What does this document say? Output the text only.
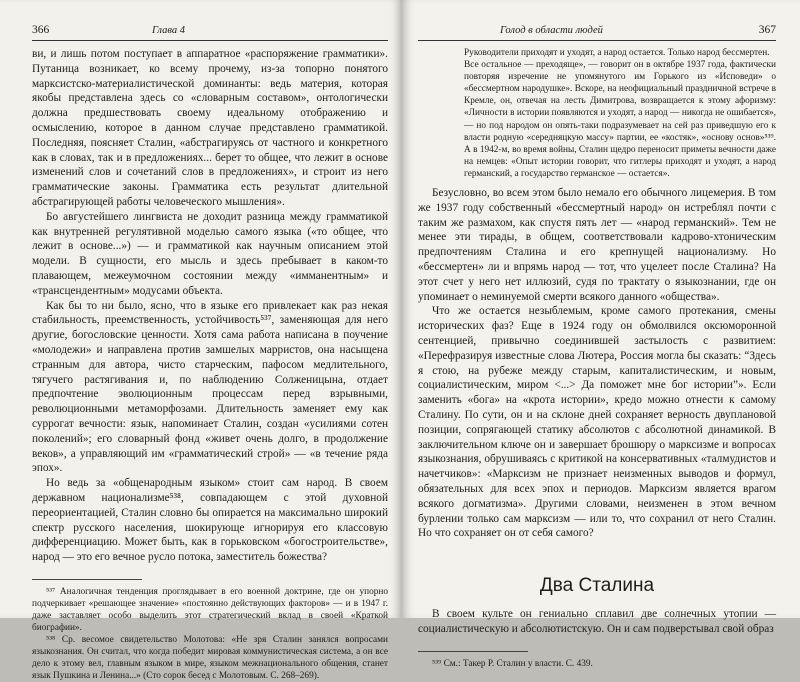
366	Глава 4

ви, и лишь потом поступает в аппаратное «распоряжение грамматики». Путаница возникает, ко всему прочему, из-за топорно понятого марксистско-материалистической доминанты: ведь материя, которая якобы представлена здесь со «словарным составом», онтологически должна предшествовать своему идеальному отображению и осмыслению, которое в данном случае представлено грамматикой. Последняя, поясняет Сталин, «абстрагируясь от частного и конкретного как в словах, так и в предложениях... берет то общее, что лежит в основе изменений слов и сочетаний слов в предложениях», и строит из него грамматические законы. Грамматика есть результат длительной абстрагирующей работы человеческого мышления».

Бо августейшего лингвиста не доходит разница между грамматикой как внутренней регулятивной моделью самого языка («то общее, что лежит в основе...») — и грамматикой как научным описанием этой модели. В сущности, его мысль и здесь пребывает в каком-то плавающем, межеумочном состоянии между «имманентным» и «трансцендентным» модусами объекта.

Как бы то ни было, ясно, что в языке его привлекает как раз некая стабильность, преемственность, устойчивость⁵³⁷, заменяющая для него другие, богословские ценности. Хотя сама работа написана в поучение «молодежи» и направлена против замшелых марристов, она насыщена странным для автора, чисто старческим, пафосом медлительного, тягучего растягивания и, по наблюдению Солженицына, отдает предпочтение эволюционным процессам перед взрывными, революционными метаморфозами. Длительность заменяет ему как суррогат вечности: язык, напоминает Сталин, создан «усилиями сотен поколений»; его словарный фонд «живет очень долго, в продолжение веков», а управляющий им «грамматический строй» — «в течение ряда эпох».

Но ведь за «общенародным языком» стоит сам народ. В своем державном национализме⁵³⁸, совпадающем с этой духовной переориентацией, Сталин словно бы опирается на максимально широкий спектр русского населения, шокирующе игнорируя его классовую дифференциацию. Может быть, как в горьковском «богостроительстве», народ — это его вечное русло потока, заместитель божества?

⁵³⁷ Аналогичная тенденция проглядывает в его военной доктрине, где он упорно подчеркивает «решающее значение» «постоянно действующих факторов» — и в 1947 г. даже заставляет особо выделить этот стратегический вклад в своей «Краткой биографии».

⁵³⁸ Ср. весомое свидетельство Молотова: «Не зря Сталин занялся вопросами языкознания. Он считал, что когда победит мировая коммунистическая система, а он все дело к этому вел, главным языком в мире, языком межнационального общения, станет язык Пушкина и Ленина...» (Сто сорок бесед с Молотовым. С. 268–269).

Голод в области людей	367

Руководители приходят и уходят, а народ остается. Только народ бессмертен.

Все остальное — преходяще», — говорит он в октябре 1937 года, фактически повторяя изречение не упомянутого им Горького из «Исповеди» о «бессмертном народушке». Вскоре, на неофициальный праздничной встрече в Кремле, он, отвечая на лесть Димитрова, возвращается к этому афоризму: «Личности в истории появляются и уходят, а народ — никогда не ошибается», — но под народом он опять-таки подразумевает на сей раз приведшую его к власти родную «середняцкую массу» партии, ее «костяк», «основу основ»⁵³⁹. А в 1942-м, во время войны, Сталин щедро переносит приметы вечности даже на немцев: «Опыт истории говорит, что гитлеры приходят и уходят, а народ германский, а государство германское — остается».

Безусловно, во всем этом было немало его обычного лицемерия. В том же 1937 году собственный «бессмертный народ» он истреблял почти с таким же размахом, как спустя пять лет — «народ германский». Тем не менее эти тирады, в общем, соответствовали кадрово-хтоническим предпочтениям Сталина и его крепнущей национализму. Но «бессмертен» ли и впрямь народ — тот, что уцелеет после Сталина? На этот счет у него нет иллюзий, судя по трактату о языкознании, где он упоминает о неминуемой смерти всякого данного «общества».

Что же остается незыблемым, кроме самого протекания, смены исторических фаз? Еще в 1924 году он обмолвился оксюморонной сентенцией, привычно соединившей застылость с развитием: «Перефразируя известные слова Лютера, Россия могла бы сказать: “Здесь я стою, на рубеже между старым, капиталистическим, и новым, социалистическим, миром <...> Да поможет мне бог истории”». Если заменить «бога» на «крота истории», кредо можно отнести к самому Сталину. По сути, он и на склоне дней сохраняет верность двуплановой позиции, сопрягающей статику абсолютов с абсолютной динамикой. В заключительном ключе он и завершает брошюру о марксизме и вопросах языкознания, обрушиваясь с критикой на консервативных «талмудистов и начетчиков»: «Марксизм не признает неизменных выводов и формул, обязательных для всех эпох и периодов. Марксизм является врагом всякого догматизма». Другими словами, неизменен в этом вечном бурлении только сам марксизм — или то, что сохранил от него Сталин. Но что сохраняет он от себя самого?

Два Сталина

В своем культе он гениально сплавил две солнечных утопии — социалистическую и абсолютистскую. Он и сам подверстывал свой образ

⁵³⁹ См.: Такер Р. Сталин у власти. С. 439.
